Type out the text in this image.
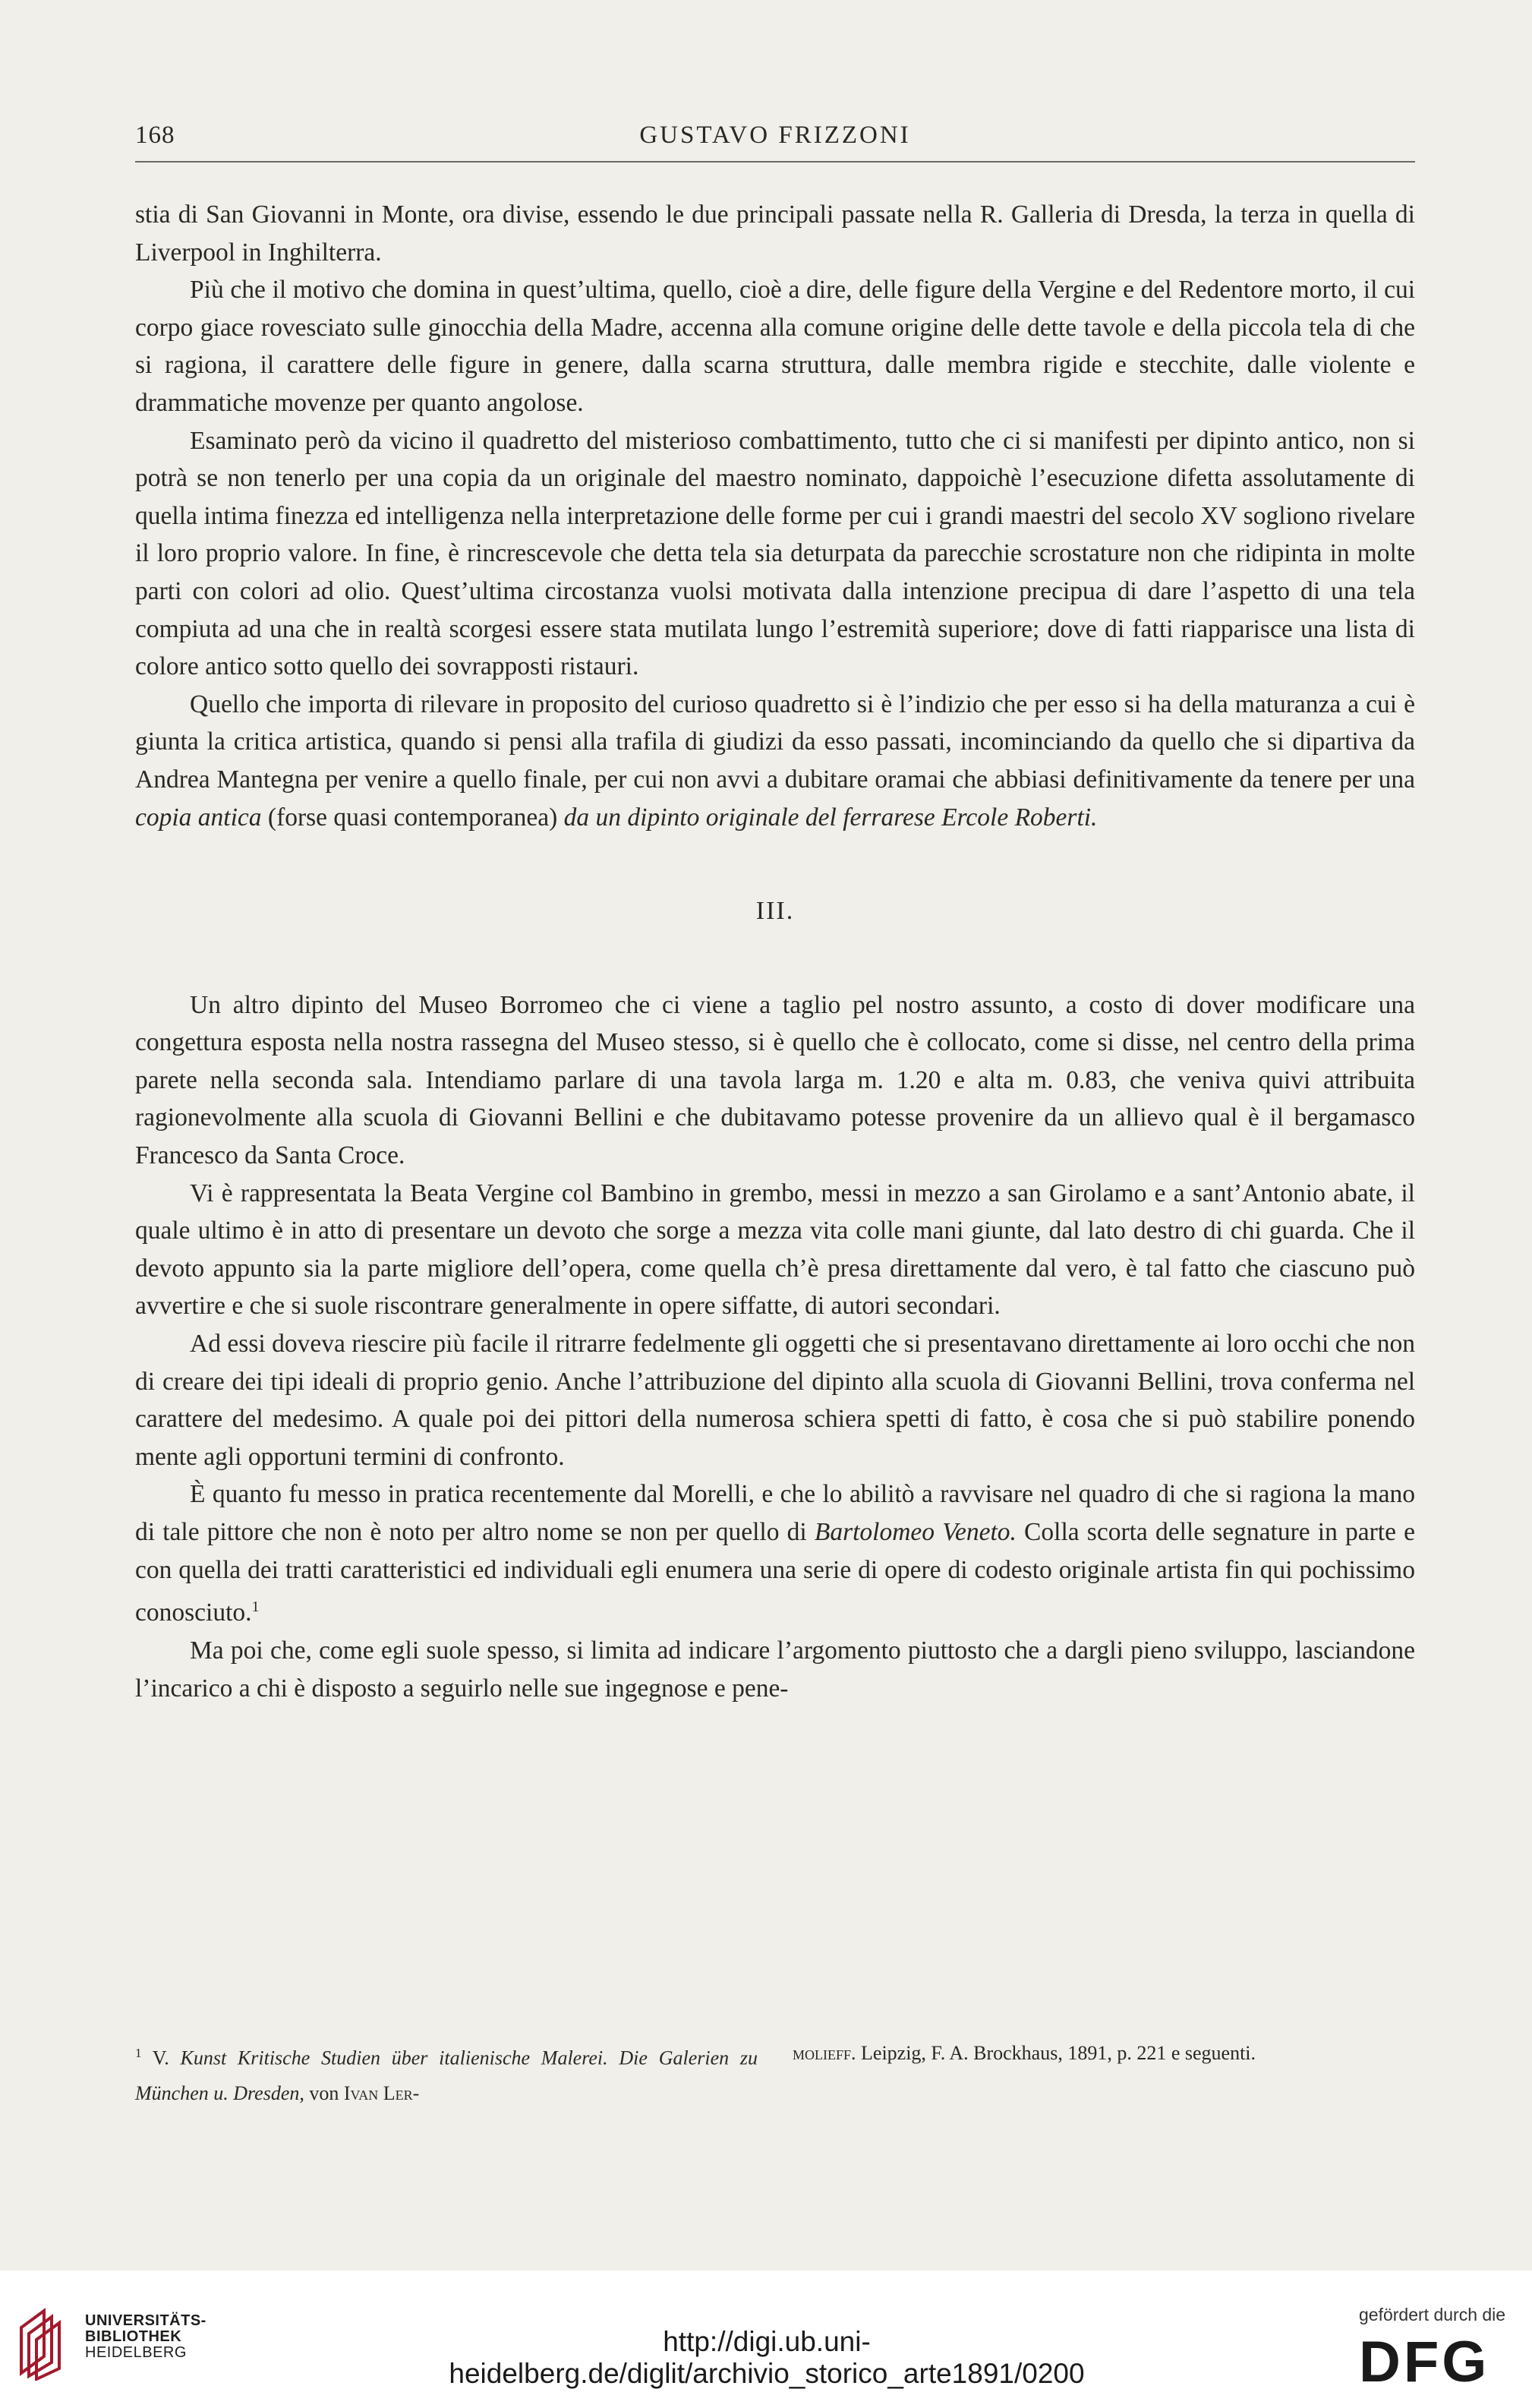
168	GUSTAVO FRIZZONI

stia di San Giovanni in Monte, ora divise, essendo le due principali passate nella R. Galleria di Dresda, la terza in quella di Liverpool in Inghilterra.

Più che il motivo che domina in quest’ultima, quello, cioè a dire, delle figure della Vergine e del Redentore morto, il cui corpo giace rovesciato sulle ginocchia della Madre, accenna alla comune origine delle dette tavole e della piccola tela di che si ragiona, il carattere delle figure in genere, dalla scarna struttura, dalle membra rigide e stecchite, dalle violente e drammatiche movenze per quanto angolose.

Esaminato però da vicino il quadretto del misterioso combattimento, tutto che ci si manifesti per dipinto antico, non si potrà se non tenerlo per una copia da un originale del maestro nominato, dappoichè l’esecuzione difetta assolutamente di quella intima finezza ed intelligenza nella interpretazione delle forme per cui i grandi maestri del secolo XV sogliono rivelare il loro proprio valore. In fine, è rincrescevole che detta tela sia deturpata da parecchie scrostature non che ridipinta in molte parti con colori ad olio. Quest’ultima circostanza vuolsi motivata dalla intenzione precipua di dare l’aspetto di una tela compiuta ad una che in realtà scorgesi essere stata mutilata lungo l’estremità superiore; dove di fatti riapparisce una lista di colore antico sotto quello dei sovrapposti ristauri.

Quello che importa di rilevare in proposito del curioso quadretto si è l’indizio che per esso si ha della maturanza a cui è giunta la critica artistica, quando si pensi alla trafila di giudizi da esso passati, incominciando da quello che si dipartiva da Andrea Mantegna per venire a quello finale, per cui non avvi a dubitare oramai che abbiasi definitivamente da tenere per una copia antica (forse quasi contemporanea) da un dipinto originale del ferrarese Ercole Roberti.

III.

Un altro dipinto del Museo Borromeo che ci viene a taglio pel nostro assunto, a costo di dover modificare una congettura esposta nella nostra rassegna del Museo stesso, si è quello che è collocato, come si disse, nel centro della prima parete nella seconda sala. Intendiamo parlare di una tavola larga m. 1.20 e alta m. 0.83, che veniva quivi attribuita ragionevolmente alla scuola di Giovanni Bellini e che dubitavamo potesse provenire da un allievo qual è il bergamasco Francesco da Santa Croce.

Vi è rappresentata la Beata Vergine col Bambino in grembo, messi in mezzo a san Girolamo e a sant’Antonio abate, il quale ultimo è in atto di presentare un devoto che sorge a mezza vita colle mani giunte, dal lato destro di chi guarda. Che il devoto appunto sia la parte migliore dell’opera, come quella ch’è presa direttamente dal vero, è tal fatto che ciascuno può avvertire e che si suole riscontrare generalmente in opere siffatte, di autori secondari.

Ad essi doveva riescire più facile il ritrarre fedelmente gli oggetti che si presentavano direttamente ai loro occhi che non di creare dei tipi ideali di proprio genio. Anche l’attribuzione del dipinto alla scuola di Giovanni Bellini, trova conferma nel carattere del medesimo. A quale poi dei pittori della numerosa schiera spetti di fatto, è cosa che si può stabilire ponendo mente agli opportuni termini di confronto.

È quanto fu messo in pratica recentemente dal Morelli, e che lo abilitò a ravvisare nel quadro di che si ragiona la mano di tale pittore che non è noto per altro nome se non per quello di Bartolomeo Veneto. Colla scorta delle segnature in parte e con quella dei tratti caratteristici ed individuali egli enumera una serie di opere di codesto originale artista fin qui pochissimo conosciuto.$^1$

Ma poi che, come egli suole spesso, si limita ad indicare l’argomento piuttosto che a dargli pieno sviluppo, lasciandone l’incarico a chi è disposto a seguirlo nelle sue ingegnose e pene-

$^1$ V. Kunst Kritische Studien über italienische Malerei. Die Galerien zu München u. Dresden, von Ivan Ler-
molieff. Leipzig, F. A. Brockhaus, 1891, p. 221 e seguenti.
UNIVERSITÄTS-
BIBLIOTHEK
HEIDELBERG	http://digi.ub.uni-heidelberg.de/diglit/archivio_storico_arte1891/0200
gefördert durch die
DFG
